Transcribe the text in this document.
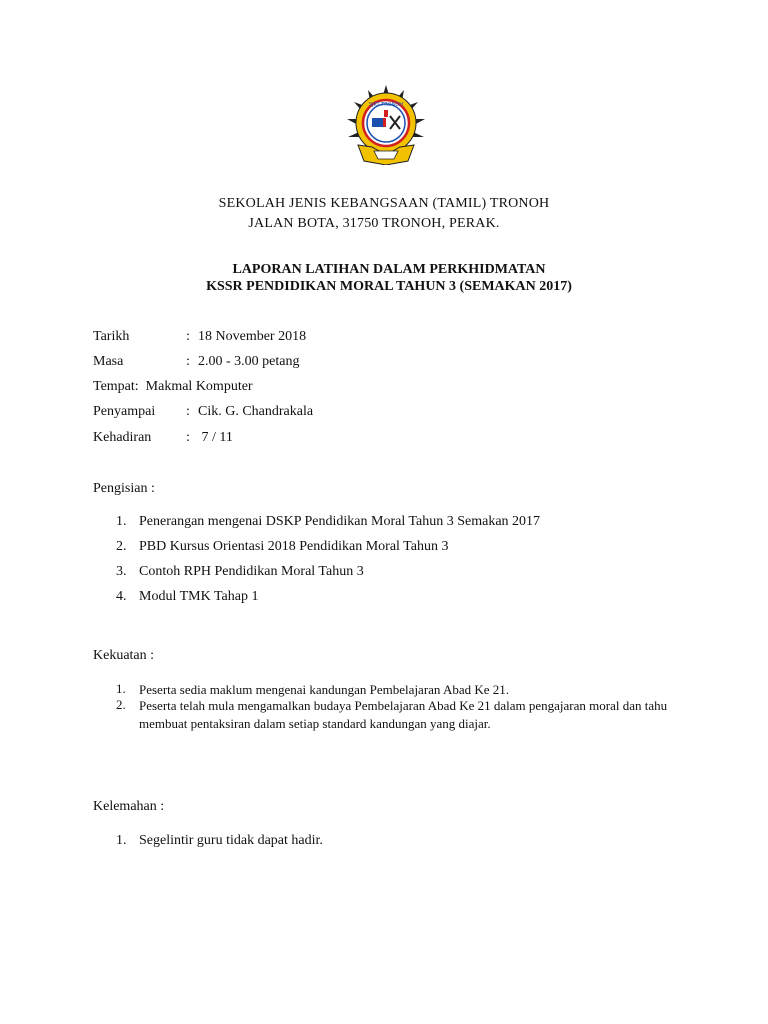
SJKT TRONOH
SEKOLAH JENIS KEBANGSAAN (TAMIL) TRONOH
JALAN BOTA, 31750 TRONOH, PERAK.
LAPORAN LATIHAN DALAM PERKHIDMATAN
KSSR PENDIDIKAN MORAL TAHUN 3 (SEMAKAN 2017)
Tarikh	: 18 November 2018
Masa	: 2.00 - 3.00 petang
Tempat:  Makmal Komputer
Penyampai : Cik. G. Chandrakala
Kehadiran : 7 / 11
Pengisian :
1. Penerangan mengenai DSKP Pendidikan Moral Tahun 3 Semakan 2017
2. PBD Kursus Orientasi 2018 Pendidikan Moral Tahun 3
3. Contoh RPH Pendidikan Moral Tahun 3
4. Modul TMK Tahap 1
Kekuatan :
1. Peserta sedia maklum mengenai kandungan Pembelajaran Abad Ke 21.
2. Peserta telah mula mengamalkan budaya Pembelajaran Abad Ke 21 dalam pengajaran moral dan tahu membuat pentaksiran dalam setiap standard kandungan yang diajar.
Kelemahan :
1. Segelintir guru tidak dapat hadir.
